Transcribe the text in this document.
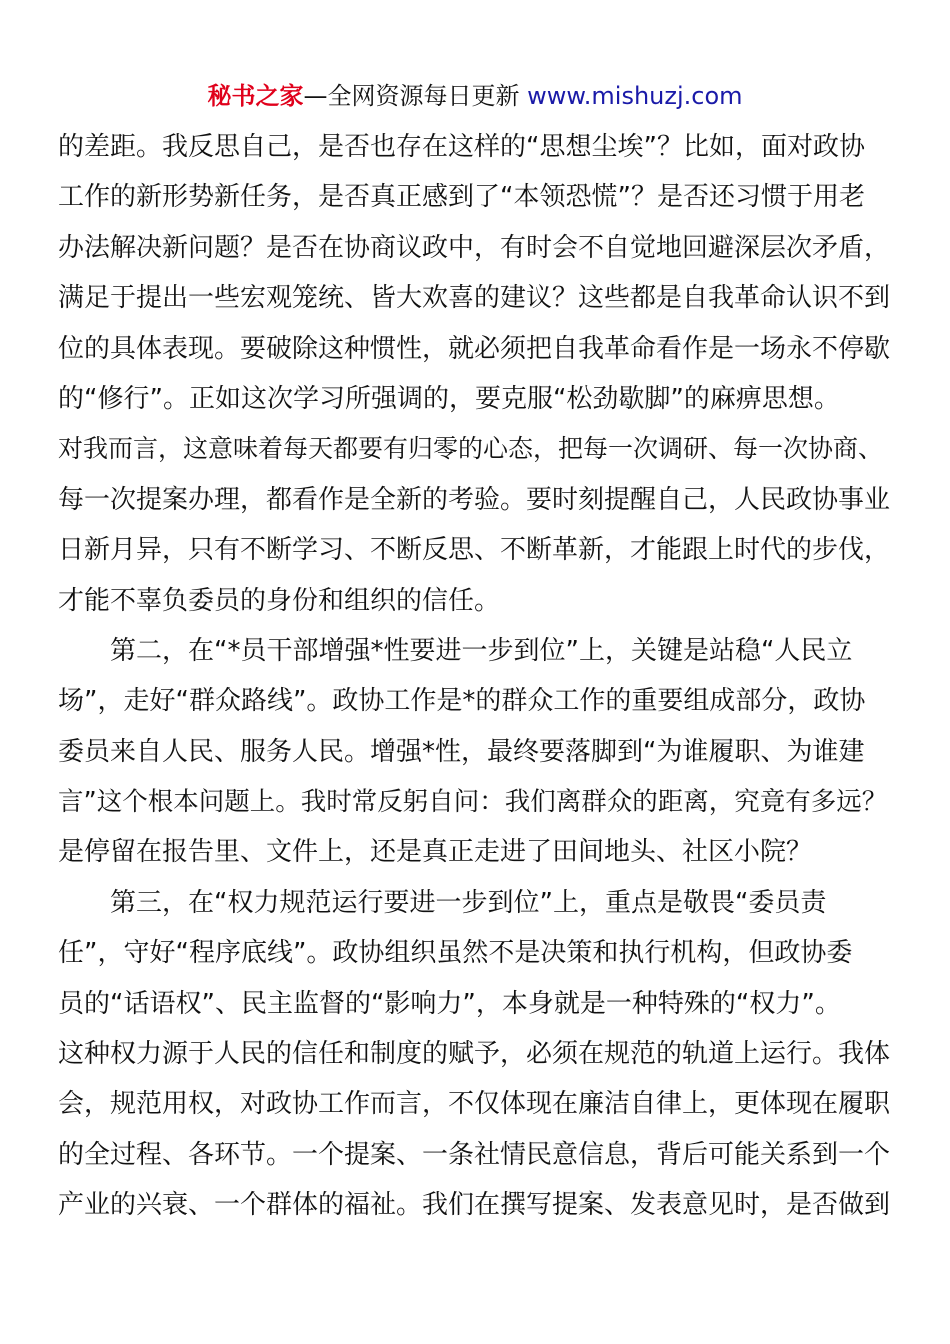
秘书之家—全网资源每日更新 www.mishuzj.com
的差距。我反思自己，是否也存在这样的“思想尘埃”？比如，面对政协
工作的新形势新任务，是否真正感到了“本领恐慌”？是否还习惯于用老
办法解决新问题？是否在协商议政中，有时会不自觉地回避深层次矛盾，
满足于提出一些宏观笼统、皆大欢喜的建议？这些都是自我革命认识不到
位的具体表现。要破除这种惯性，就必须把自我革命看作是一场永不停歇
的“修行”。正如这次学习所强调的，要克服“松劲歇脚”的麻痹思想。
对我而言，这意味着每天都要有归零的心态，把每一次调研、每一次协商、
每一次提案办理，都看作是全新的考验。要时刻提醒自己，人民政协事业
日新月异，只有不断学习、不断反思、不断革新，才能跟上时代的步伐，
才能不辜负委员的身份和组织的信任。
　　第二，在“*员干部增强*性要进一步到位”上，关键是站稳“人民立
场”，走好“群众路线”。政协工作是*的群众工作的重要组成部分，政协
委员来自人民、服务人民。增强*性，最终要落脚到“为谁履职、为谁建
言”这个根本问题上。我时常反躬自问：我们离群众的距离，究竟有多远？
是停留在报告里、文件上，还是真正走进了田间地头、社区小院？
　　第三，在“权力规范运行要进一步到位”上，重点是敬畏“委员责
任”，守好“程序底线”。政协组织虽然不是决策和执行机构，但政协委
员的“话语权”、民主监督的“影响力”，本身就是一种特殊的“权力”。
这种权力源于人民的信任和制度的赋予，必须在规范的轨道上运行。我体
会，规范用权，对政协工作而言，不仅体现在廉洁自律上，更体现在履职
的全过程、各环节。一个提案、一条社情民意信息，背后可能关系到一个
产业的兴衰、一个群体的福祉。我们在撰写提案、发表意见时，是否做到
